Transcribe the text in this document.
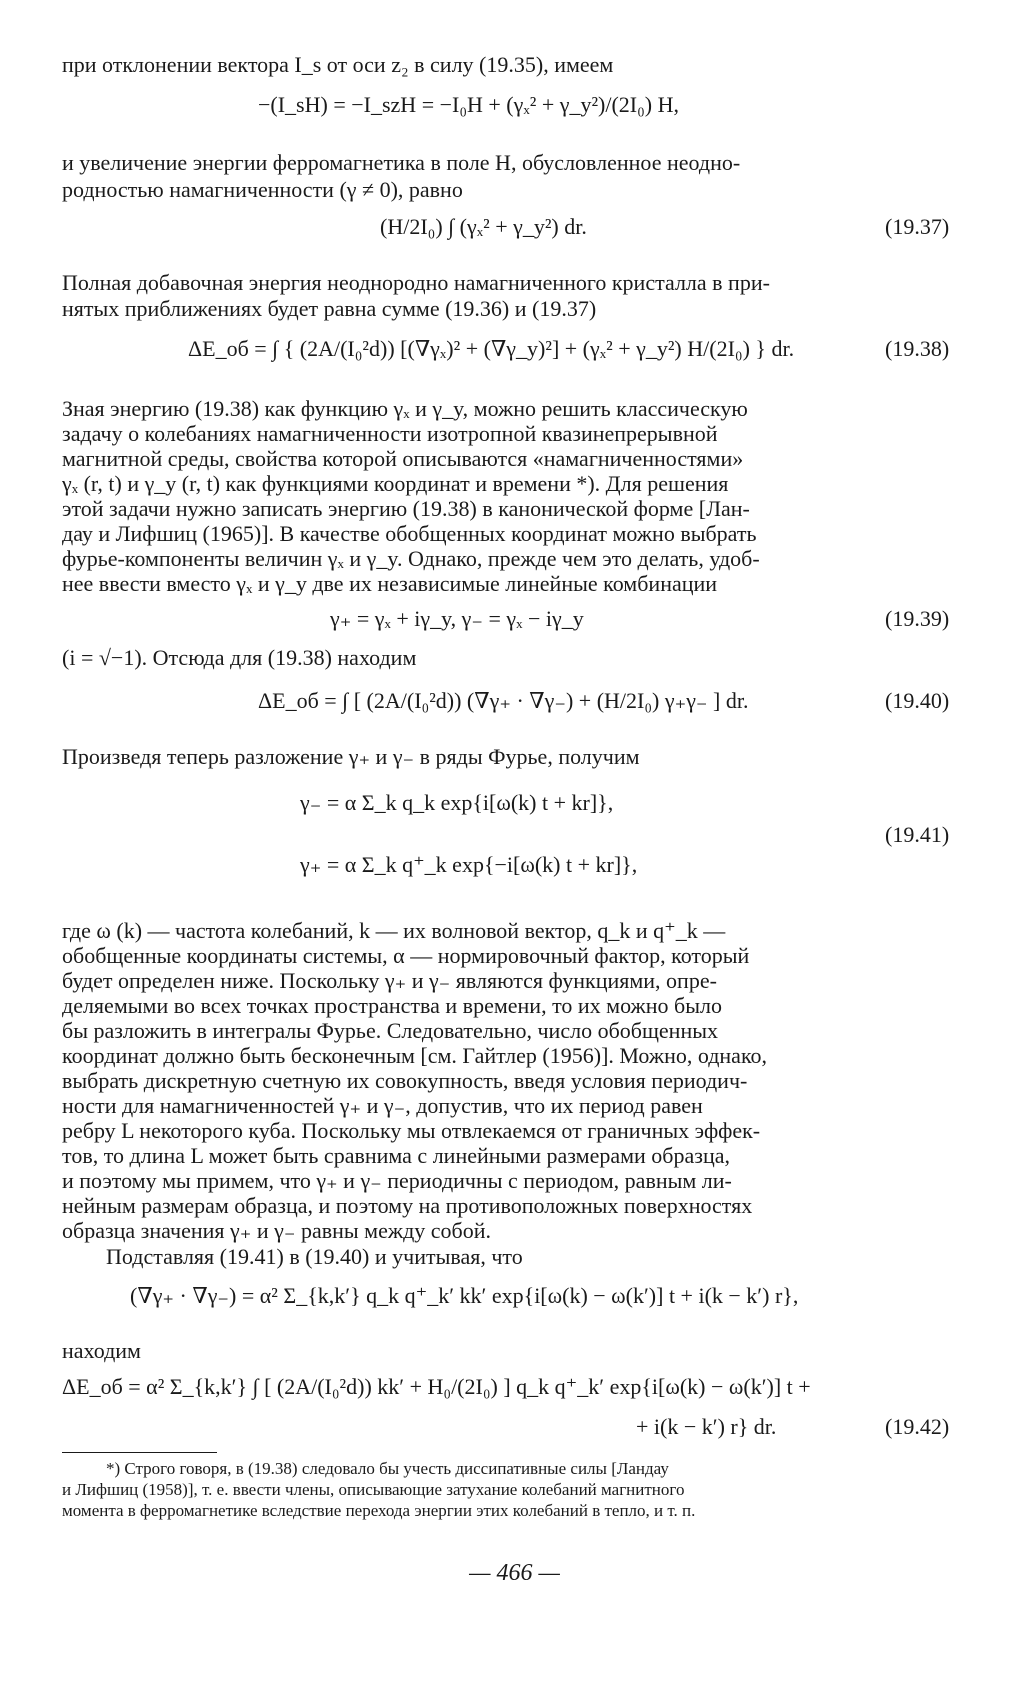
при отклонении вектора I_s от оси z₂ в силу (19.35), имеем
−(I_sH) = −I_szH = −I₀H + (γₓ² + γ_y²)/(2I₀) H,
и увеличение энергии ферромагнетика в поле H, обусловленное неодно-
родностью намагниченности (γ ≠ 0), равно
(H/2I₀) ∫ (γₓ² + γ_y²) dr.	(19.37)
Полная добавочная энергия неоднородно намагниченного кристалла в при-
нятых приближениях будет равна сумме (19.36) и (19.37)
ΔE_об = ∫ { (2A/(I₀²d)) [(∇γₓ)² + (∇γ_y)²] + (γₓ² + γ_y²) H/(2I₀) } dr.	(19.38)
Зная энергию (19.38) как функцию γₓ и γ_y, можно решить классическую
задачу о колебаниях намагниченности изотропной квазинепрерывной
магнитной среды, свойства которой описываются «намагниченностями»
γₓ (r, t) и γ_y (r, t) как функциями координат и времени *). Для решения
этой задачи нужно записать энергию (19.38) в канонической форме [Лан-
дау и Лифшиц (1965)]. В качестве обобщенных координат можно выбрать
фурье-компоненты величин γₓ и γ_y. Однако, прежде чем это делать, удоб-
нее ввести вместо γₓ и γ_y две их независимые линейные комбинации
γ₊ = γₓ + iγ_y, γ₋ = γₓ − iγ_y	(19.39)
(i = √−1). Отсюда для (19.38) находим
ΔE_об = ∫ [ (2A/(I₀²d)) (∇γ₊ · ∇γ₋) + (H/2I₀) γ₊γ₋ ] dr.	(19.40)
Произведя теперь разложение γ₊ и γ₋ в ряды Фурье, получим
γ₋ = α Σ_k q_k exp{i[ω(k) t + kr]},
γ₊ = α Σ_k q⁺_k exp{−i[ω(k) t + kr]},
(19.41)
где ω (k) — частота колебаний, k — их волновой вектор, q_k и q⁺_k —
обобщенные координаты системы, α — нормировочный фактор, который
будет определен ниже. Поскольку γ₊ и γ₋ являются функциями, опре-
деляемыми во всех точках пространства и времени, то их можно было
бы разложить в интегралы Фурье. Следовательно, число обобщенных
координат должно быть бесконечным [см. Гайтлер (1956)]. Можно, однако,
выбрать дискретную счетную их совокупность, введя условия периодич-
ности для намагниченностей γ₊ и γ₋, допустив, что их период равен
ребру L некоторого куба. Поскольку мы отвлекаемся от граничных эффек-
тов, то длина L может быть сравнима с линейными размерами образца,
и поэтому мы примем, что γ₊ и γ₋ периодичны с периодом, равным ли-
нейным размерам образца, и поэтому на противоположных поверхностях
образца значения γ₊ и γ₋ равны между собой.
Подставляя (19.41) в (19.40) и учитывая, что
(∇γ₊ · ∇γ₋) = α² Σ_{k,k′} q_k q⁺_k′ kk′ exp{i[ω(k) − ω(k′)] t + i(k − k′) r},
находим
ΔE_об = α² Σ_{k,k′} ∫ [ (2A/(I₀²d)) kk′ + H₀/(2I₀) ] q_k q⁺_k′ exp{i[ω(k) − ω(k′)] t +
+ i(k − k′) r} dr.	(19.42)
*) Строго говоря, в (19.38) следовало бы учесть диссипативные силы [Ландау
и Лифшиц (1958)], т. е. ввести члены, описывающие затухание колебаний магнитного
момента в ферромагнетике вследствие перехода энергии этих колебаний в тепло, и т. п.
— 466 —
